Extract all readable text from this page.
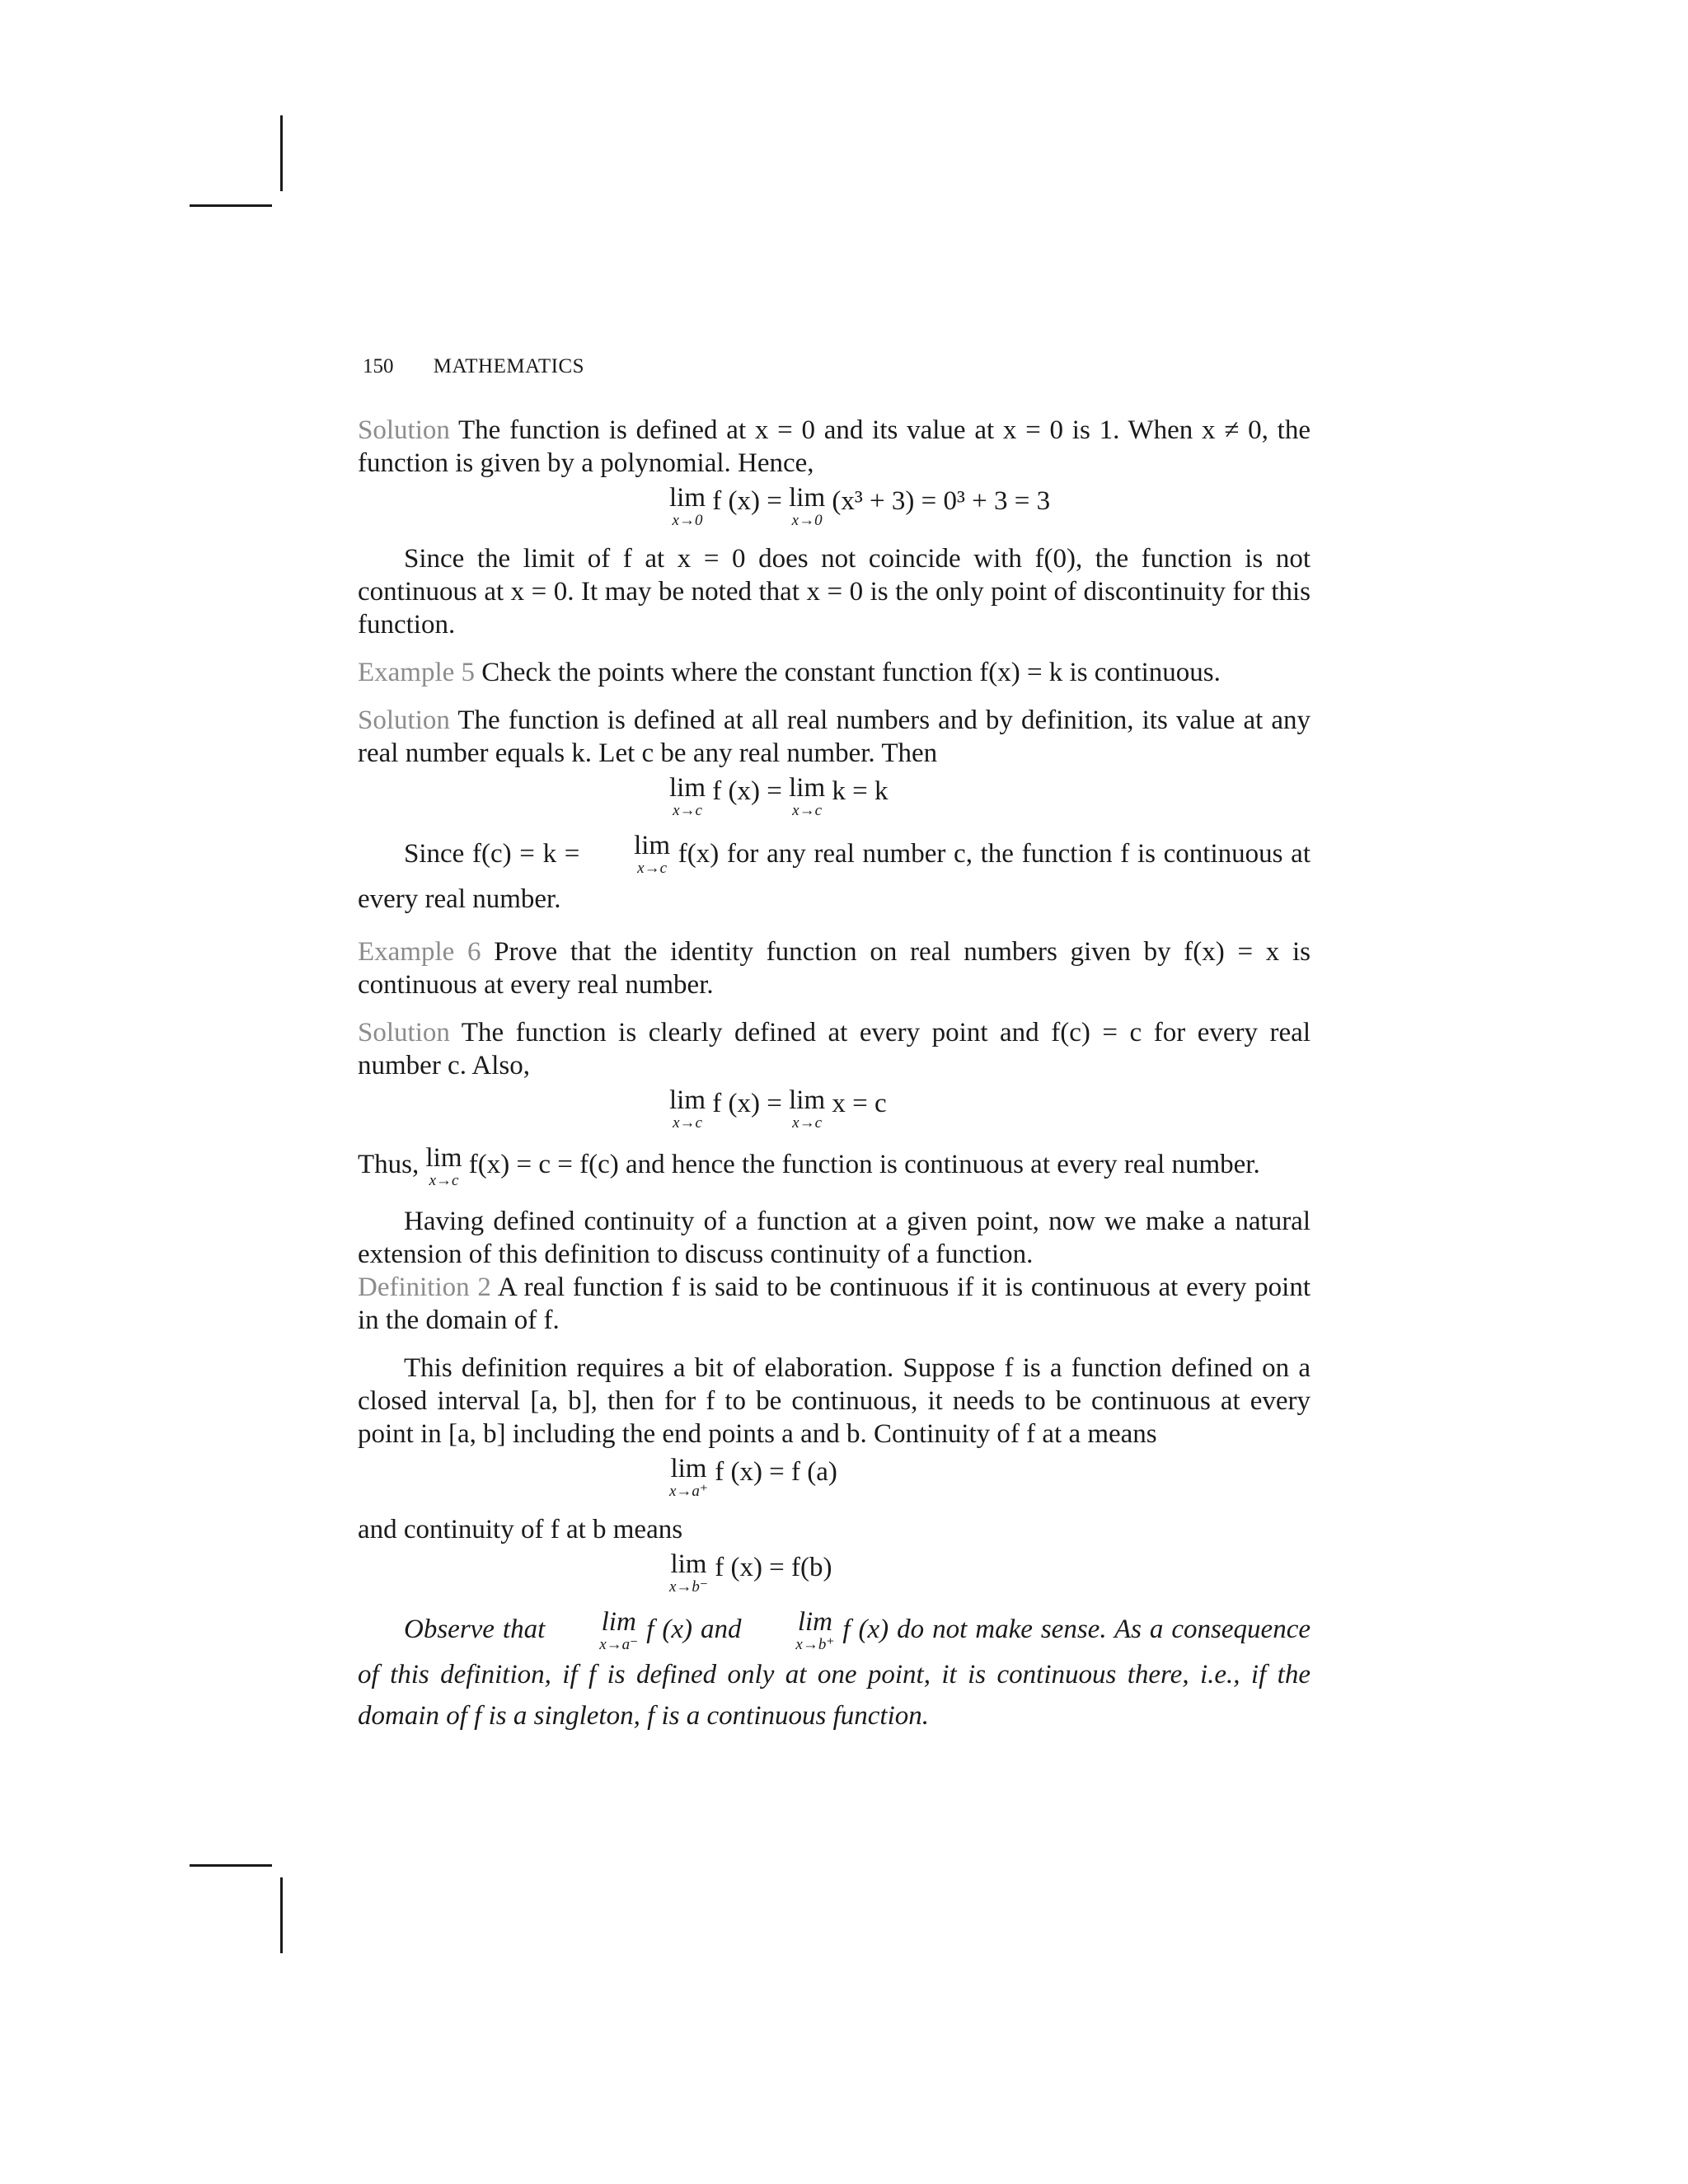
150 MATHEMATICS

Solution The function is defined at x = 0 and its value at x = 0 is 1. When x ≠ 0, the function is given by a polynomial. Hence,

lim
x→0
f (x) = lim
x→0
(x³ + 3) = 0³ + 3 = 3

Since the limit of f at x = 0 does not coincide with f(0), the function is not continuous at x = 0. It may be noted that x = 0 is the only point of discontinuity for this function.

Example 5 Check the points where the constant function f(x) = k is continuous.

Solution The function is defined at all real numbers and by definition, its value at any real number equals k. Let c be any real number. Then

lim
x→c
f (x) = lim
x→c
k = k

Since f(c) = k =	lim
x→c f(x) for any real number c, the function f is continuous at every real number.

Example 6 Prove that the identity function on real numbers given by f(x) = x is continuous at every real number.

Solution The function is clearly defined at every point and f(c) = c for every real number c. Also,

lim
x→c
f (x) = lim
x→c
x = c

Thus, lim
x→c
f(x) = c = f(c) and hence the function is continuous at every real number.

Having defined continuity of a function at a given point, now we make a natural extension of this definition to discuss continuity of a function.

Definition 2 A real function f is said to be continuous if it is continuous at every point in the domain of f.

This definition requires a bit of elaboration. Suppose f is a function defined on a closed interval [a, b], then for f to be continuous, it needs to be continuous at every point in [a, b] including the end points a and b. Continuity of f at a means

lim
x→a⁺
f (x) = f (a)

and continuity of f at b means

lim
x→b⁻
f (x) = f(b)

Observe that	lim
x→a⁻
f (x) and	lim
x→b⁺
f (x) do not make sense. As a consequence of this definition, if f is defined only at one point, it is continuous there, i.e., if the domain of f is a singleton, f is a continuous function.
